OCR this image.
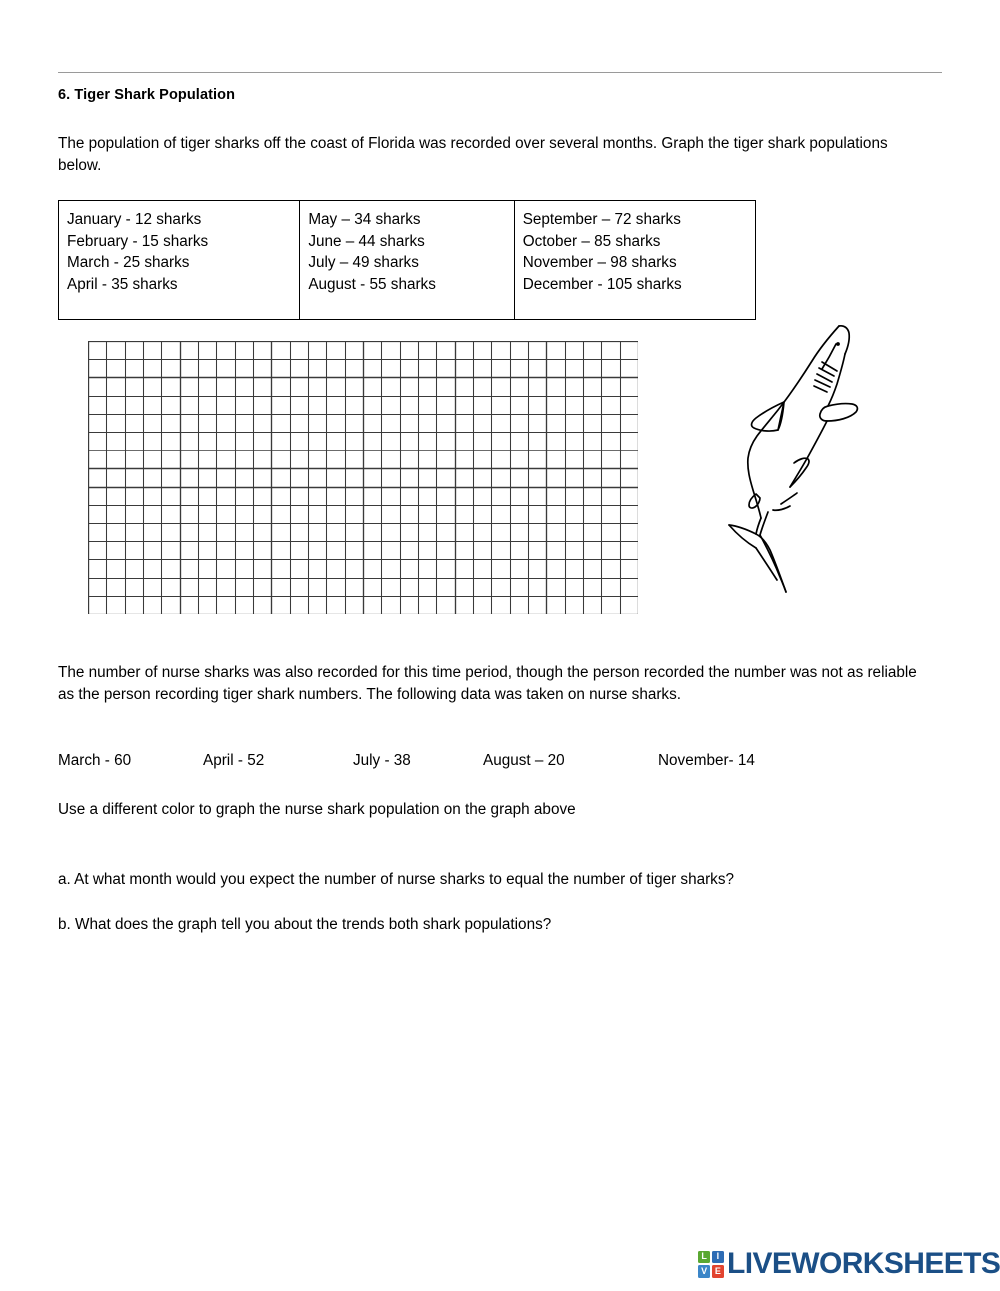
6. Tiger Shark Population
The population of tiger sharks off the coast of Florida was recorded over several months. Graph the tiger shark populations below.
January - 12 sharks
February - 15 sharks
March - 25 sharks
April - 35 sharks
May – 34 sharks
June – 44 sharks
July – 49 sharks
August - 55 sharks
September – 72 sharks
October – 85 sharks
November – 98 sharks
December - 105 sharks
The number of nurse sharks was also recorded for this time period, though the person recorded the number was not as reliable as the person recording tiger shark numbers. The following data was taken on nurse sharks.
March - 60	April - 52	July - 38	August – 20	November- 14
Use a different color to graph the nurse shark population on the graph above
a. At what month would you expect the number of nurse sharks to equal the number of tiger sharks?
b. What does the graph tell you about the trends both shark populations?
L	I
V E LIVEWORKSHEETS
